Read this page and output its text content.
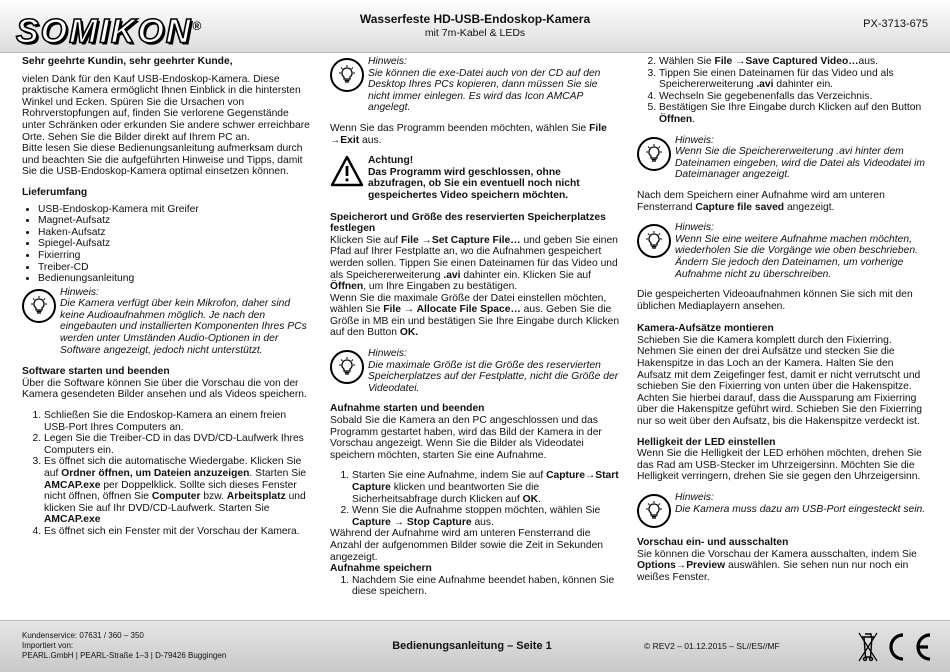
SOMIKON®	Wasserfeste HD-USB-Endoskop-Kamera
mit 7m-Kabel & LEDs
PX-3713-675

Sehr geehrte Kundin, sehr geehrter Kunde,

vielen Dank für den Kauf USB-Endoskop-Kamera. Diese praktische Kamera ermöglicht Ihnen Einblick in die hintersten Winkel und Ecken. Spüren Sie die Ursachen von Rohrverstopfungen auf, finden Sie verlorene Gegenstände unter Schränken oder erkunden Sie andere schwer erreichbare Orte. Sehen Sie die Bilder direkt auf Ihrem PC an.
Bitte lesen Sie diese Bedienungsanleitung aufmerksam durch und beachten Sie die aufgeführten Hinweise und Tipps, damit Sie die USB-Endoskop-Kamera optimal einsetzen können.

Lieferumfang

• USB-Endoskop-Kamera mit Greifer
• Magnet-Aufsatz
• Haken-Aufsatz
• Spiegel-Aufsatz
• Fixierring
• Treiber-CD
• Bedienungsanleitung
Hinweis:
Die Kamera verfügt über kein Mikrofon, daher sind keine Audioaufnahmen möglich. Je nach den eingebauten und installierten Komponenten Ihres PCs werden unter Umständen Audio-Optionen in der Software angezeigt, jedoch nicht unterstützt.

Software starten und beenden

Über die Software können Sie über die Vorschau die von der Kamera gesendeten Bilder ansehen und als Videos speichern.

1. Schließen Sie die Endoskop-Kamera an einem freien USB-Port Ihres Computers an.
2. Legen Sie die Treiber-CD in das DVD/CD-Laufwerk Ihres Computers ein.
3. Es öffnet sich die automatische Wiedergabe. Klicken Sie auf Ordner öffnen, um Dateien anzuzeigen. Starten Sie AMCAP.exe per Doppelklick. Sollte sich dieses Fenster nicht öffnen, öffnen Sie Computer bzw. Arbeitsplatz und klicken Sie auf Ihr DVD/CD-Laufwerk. Starten Sie AMCAP.exe
4. Es öffnet sich ein Fenster mit der Vorschau der Kamera.
Hinweis:
Sie können die exe-Datei auch von der CD auf den Desktop Ihres PCs kopieren, dann müssen Sie sie nicht immer einlegen. Es wird das Icon AMCAP angelegt.

Wenn Sie das Programm beenden möchten, wählen Sie File →Exit aus.

Achtung!
Das Programm wird geschlossen, ohne abzufragen, ob Sie ein eventuell noch nicht gespeichertes Video speichern möchten.

Speicherort und Größe des reservierten Speicherplatzes festlegen

Klicken Sie auf File →Set Capture File… und geben Sie einen Pfad auf Ihrer Festplatte an, wo die Aufnahmen gespeichert werden sollen. Tippen Sie einen Dateinamen für das Video und als Speichererweiterung .avi dahinter ein. Klicken Sie auf Öffnen, um Ihre Eingaben zu bestätigen.

Wenn Sie die maximale Größe der Datei einstellen möchten, wählen Sie File → Allocate File Space… aus. Geben Sie die Größe in MB ein und bestätigen Sie Ihre Eingabe durch Klicken auf den Button OK.

Hinweis:
Die maximale Größe ist die Größe des reservierten Speicherplatzes auf der Festplatte, nicht die Größe der Videodatei.

Aufnahme starten und beenden

Sobald Sie die Kamera an den PC angeschlossen und das Programm gestartet haben, wird das Bild der Kamera in der Vorschau angezeigt. Wenn Sie die Bilder als Videodatei speichern möchten, starten Sie eine Aufnahme.

1. Starten Sie eine Aufnahme, indem Sie auf Capture→Start Capture klicken und beantworten Sie die Sicherheitsabfrage durch Klicken auf OK.
2. Wenn Sie die Aufnahme stoppen möchten, wählen Sie Capture → Stop Capture aus.

Während der Aufnahme wird am unteren Fensterrand die Anzahl der aufgenommen Bilder sowie die Zeit in Sekunden angezeigt.

Aufnahme speichern

1. Nachdem Sie eine Aufnahme beendet haben, können Sie diese speichern.
2. Wählen Sie File →Save Captured Video…aus.
3. Tippen Sie einen Dateinamen für das Video und als Speichererweiterung .avi dahinter ein.
4. Wechseln Sie gegebenenfalls das Verzeichnis.
5. Bestätigen Sie Ihre Eingabe durch Klicken auf den Button Öffnen.
Hinweis:
Wenn Sie die Speichererweiterung .avi hinter dem Dateinamen eingeben, wird die Datei als Videodatei im Dateimanager angezeigt.

Nach dem Speichern einer Aufnahme wird am unteren Fensterrand Capture file saved angezeigt.

Hinweis:
Wenn Sie eine weitere Aufnahme machen möchten, wiederholen Sie die Vorgänge wie oben beschrieben. Ändern Sie jedoch den Dateinamen, um vorherige Aufnahme nicht zu überschreiben.

Die gespeicherten Videoaufnahmen können Sie sich mit den üblichen Mediaplayern ansehen.

Kamera-Aufsätze montieren

Schieben Sie die Kamera komplett durch den Fixierring. Nehmen Sie einen der drei Aufsätze und stecken Sie die Hakenspitze in das Loch an der Kamera. Halten Sie den Aufsatz mit dem Zeigefinger fest, damit er nicht verrutscht und schieben Sie den Fixierring von unten über die Hakenspitze. Achten Sie hierbei darauf, dass die Aussparung am Fixierring über die Hakenspitze geführt wird. Schieben Sie den Fixierring nur so weit über den Aufsatz, bis die Hakenspitze verdeckt ist.

Helligkeit der LED einstellen

Wenn Sie die Helligkeit der LED erhöhen möchten, drehen Sie das Rad am USB-Stecker im Uhrzeigersinn. Möchten Sie die Helligkeit verringern, drehen Sie sie gegen den Uhrzeigersinn.

Hinweis:
Die Kamera muss dazu am USB-Port eingesteckt sein.

Vorschau ein- und ausschalten

Sie können die Vorschau der Kamera ausschalten, indem Sie Options→Preview auswählen. Sie sehen nun nur noch ein weißes Fenster.

Kundenservice: 07631 / 360 – 350
Importiert von:
PEARL.GmbH | PEARL-Straße 1–3 | D-79426 Buggingen
Bedienungsanleitung – Seite 1	© REV2 – 01.12.2015 – SL//ES//MF
